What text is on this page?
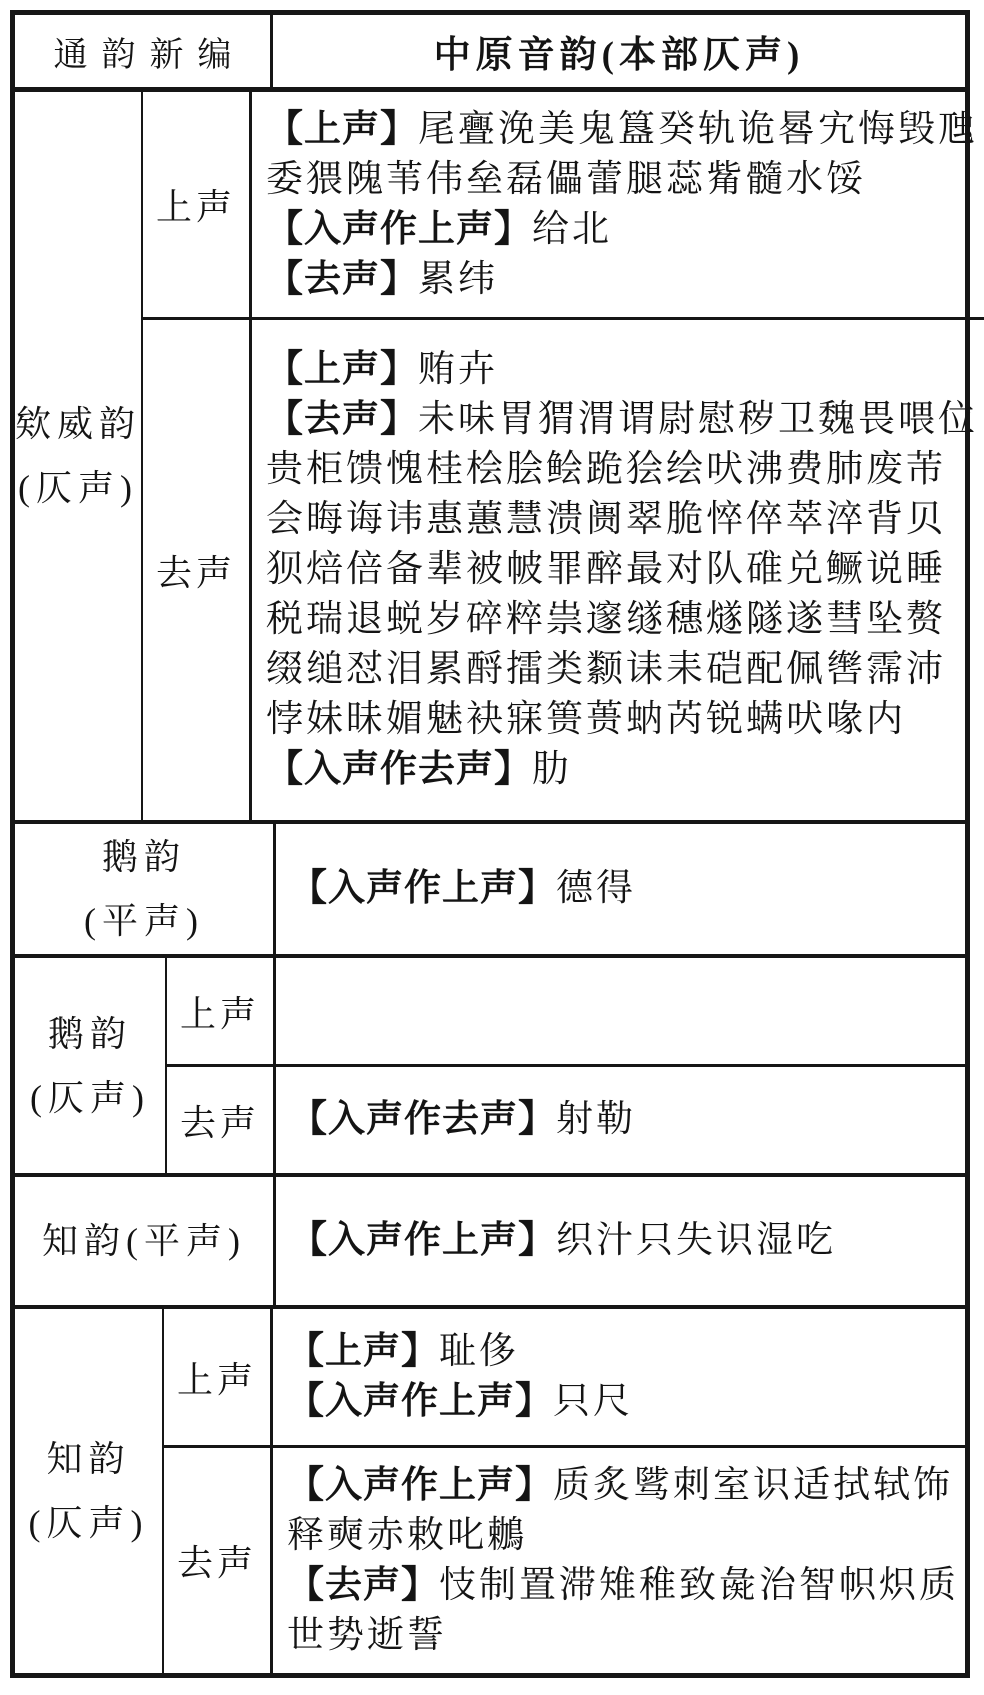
通韵新编	中原音韵(本部仄声)
欸威韵
(仄声)
上声
【上声】尾亹浼美鬼簋癸轨诡晷宄悔毁虺
委猥隗苇伟垒磊儡蕾腿蕊觜髓水馁
【入声作上声】给北
【去声】累纬
去声
【上声】贿卉
【去声】未味胃猬渭谓尉慰秽卫魏畏喂位
贵柜馈愧桂桧脍鲙跪狯绘吠沸费肺废芾
会晦诲讳惠蕙慧溃阓翠脆悴倅萃淬背贝
狈焙倍备辈被帔罪醉最对队碓兑鳜说睡
税瑞退蜕岁碎粹祟邃䍁穗燧隧遂彗坠赘
缀缒怼泪累酹擂类颣诔耒硙配佩辔霈沛
悖妹昧媚魅袂寐篑蒉蚋芮锐螨吠喙内
【入声作去声】肋
鹅韵
(平声)
【入声作上声】德得
鹅韵
(仄声)
上声
去声 【入声作去声】射勒
知韵(平声) 【入声作上声】织汁只失识湿吃
知韵
(仄声)
上声
【上声】耻侈
【入声作上声】只尺
去声
【入声作上声】质炙骘刺室识适拭轼饰
释奭赤敕叱鶒
【去声】忮制置滞雉稚致彘治智帜炽质
世势逝誓
